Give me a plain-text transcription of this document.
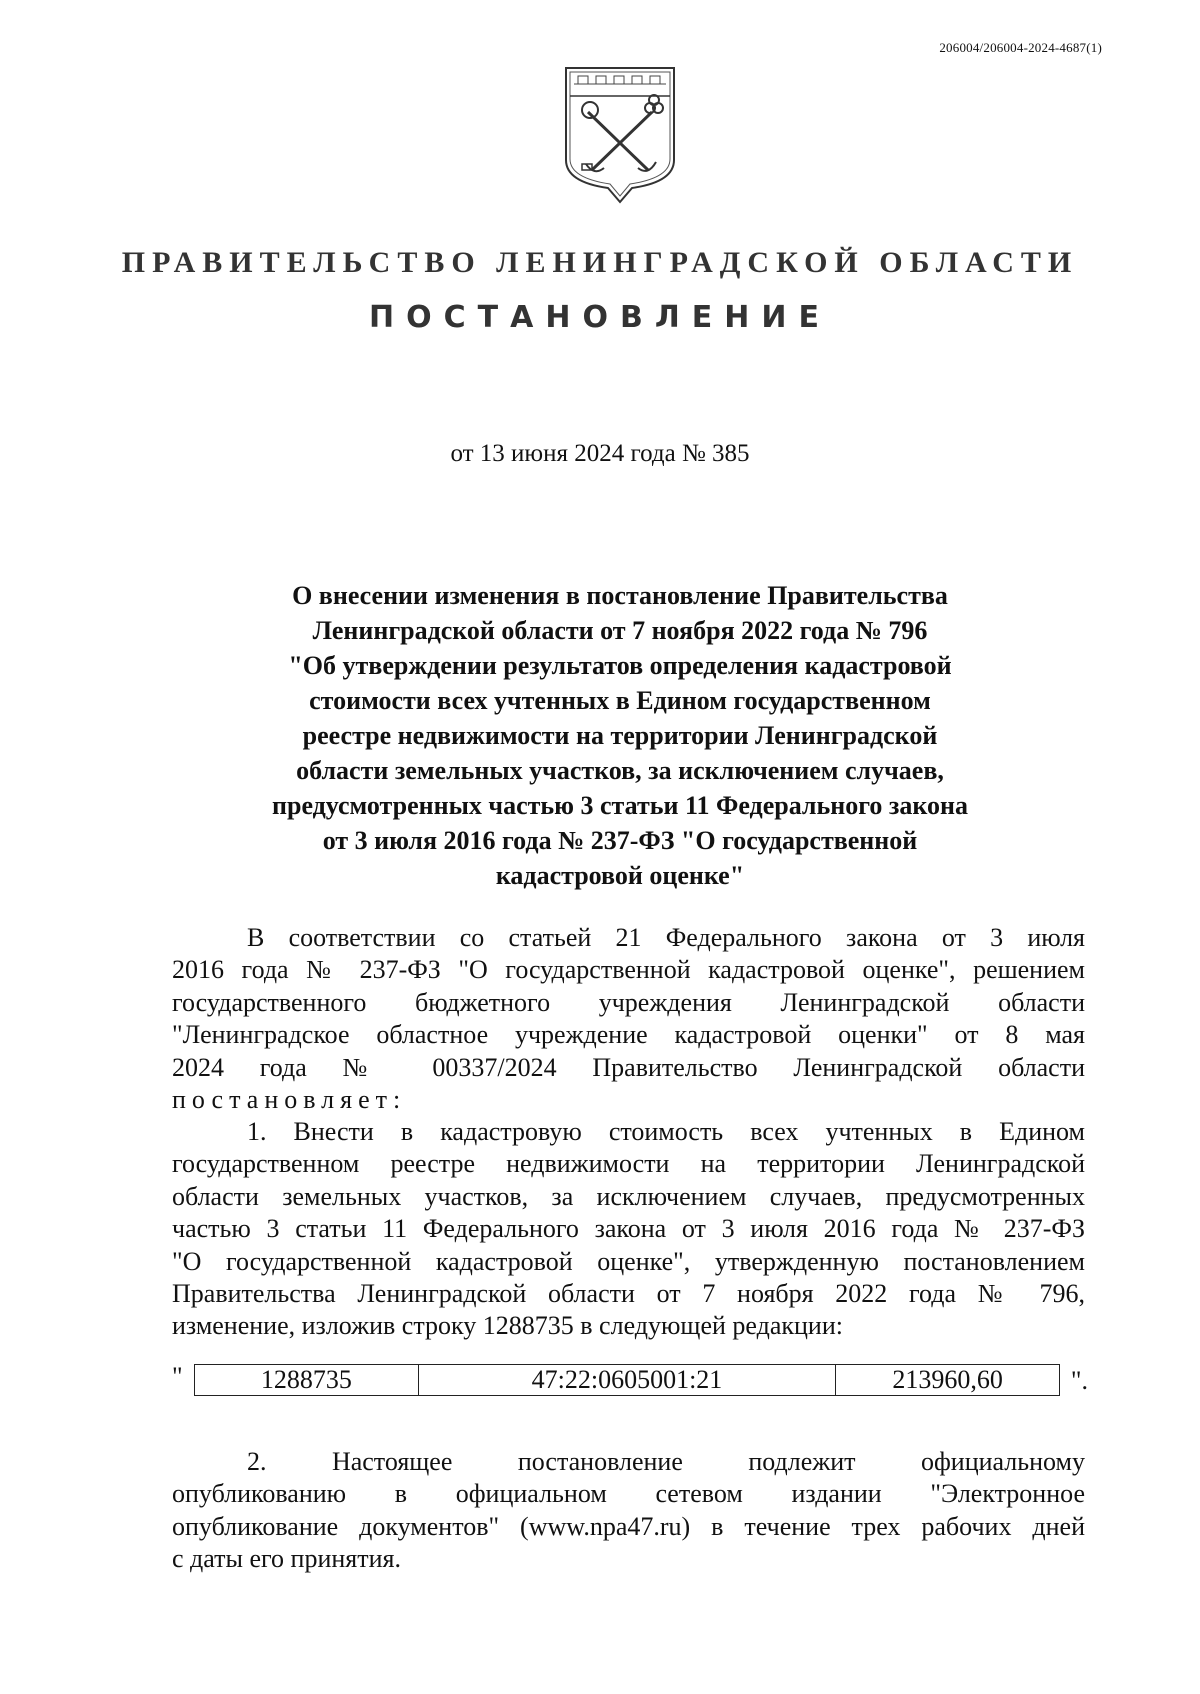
206004/206004-2024-4687(1)
ПРАВИТЕЛЬСТВО ЛЕНИНГРАДСКОЙ ОБЛАСТИ
ПОСТАНОВЛЕНИЕ
от 13 июня 2024 года № 385
О внесении изменения в постановление Правительства
Ленинградской области от 7 ноября 2022 года № 796
"Об утверждении результатов определения кадастровой
стоимости всех учтенных в Едином государственном
реестре недвижимости на территории Ленинградской
области земельных участков, за исключением случаев,
предусмотренных частью 3 статьи 11 Федерального закона
от 3 июля 2016 года № 237-ФЗ "О государственной
кадастровой оценке"
В соответствии со статьей 21 Федерального закона от 3 июля
2016 года № 237-ФЗ "О государственной кадастровой оценке", решением
государственного бюджетного учреждения Ленинградской области
"Ленинградское областное учреждение кадастровой оценки" от 8 мая
2024 года № 00337/2024 Правительство Ленинградской области
постановляет:
1. Внести в кадастровую стоимость всех учтенных в Едином
государственном реестре недвижимости на территории Ленинградской
области земельных участков, за исключением случаев, предусмотренных
частью 3 статьи 11 Федерального закона от 3 июля 2016 года № 237-ФЗ
"О государственной кадастровой оценке", утвержденную постановлением
Правительства Ленинградской области от 7 ноября 2022 года № 796,
изменение, изложив строку 1288735 в следующей редакции:
"	1288735	47:22:0605001:21	213960,60	".
2. Настоящее постановление подлежит официальному
опубликованию в официальном сетевом издании "Электронное
опубликование документов" (www.npa47.ru) в течение трех рабочих дней
с даты его принятия.
